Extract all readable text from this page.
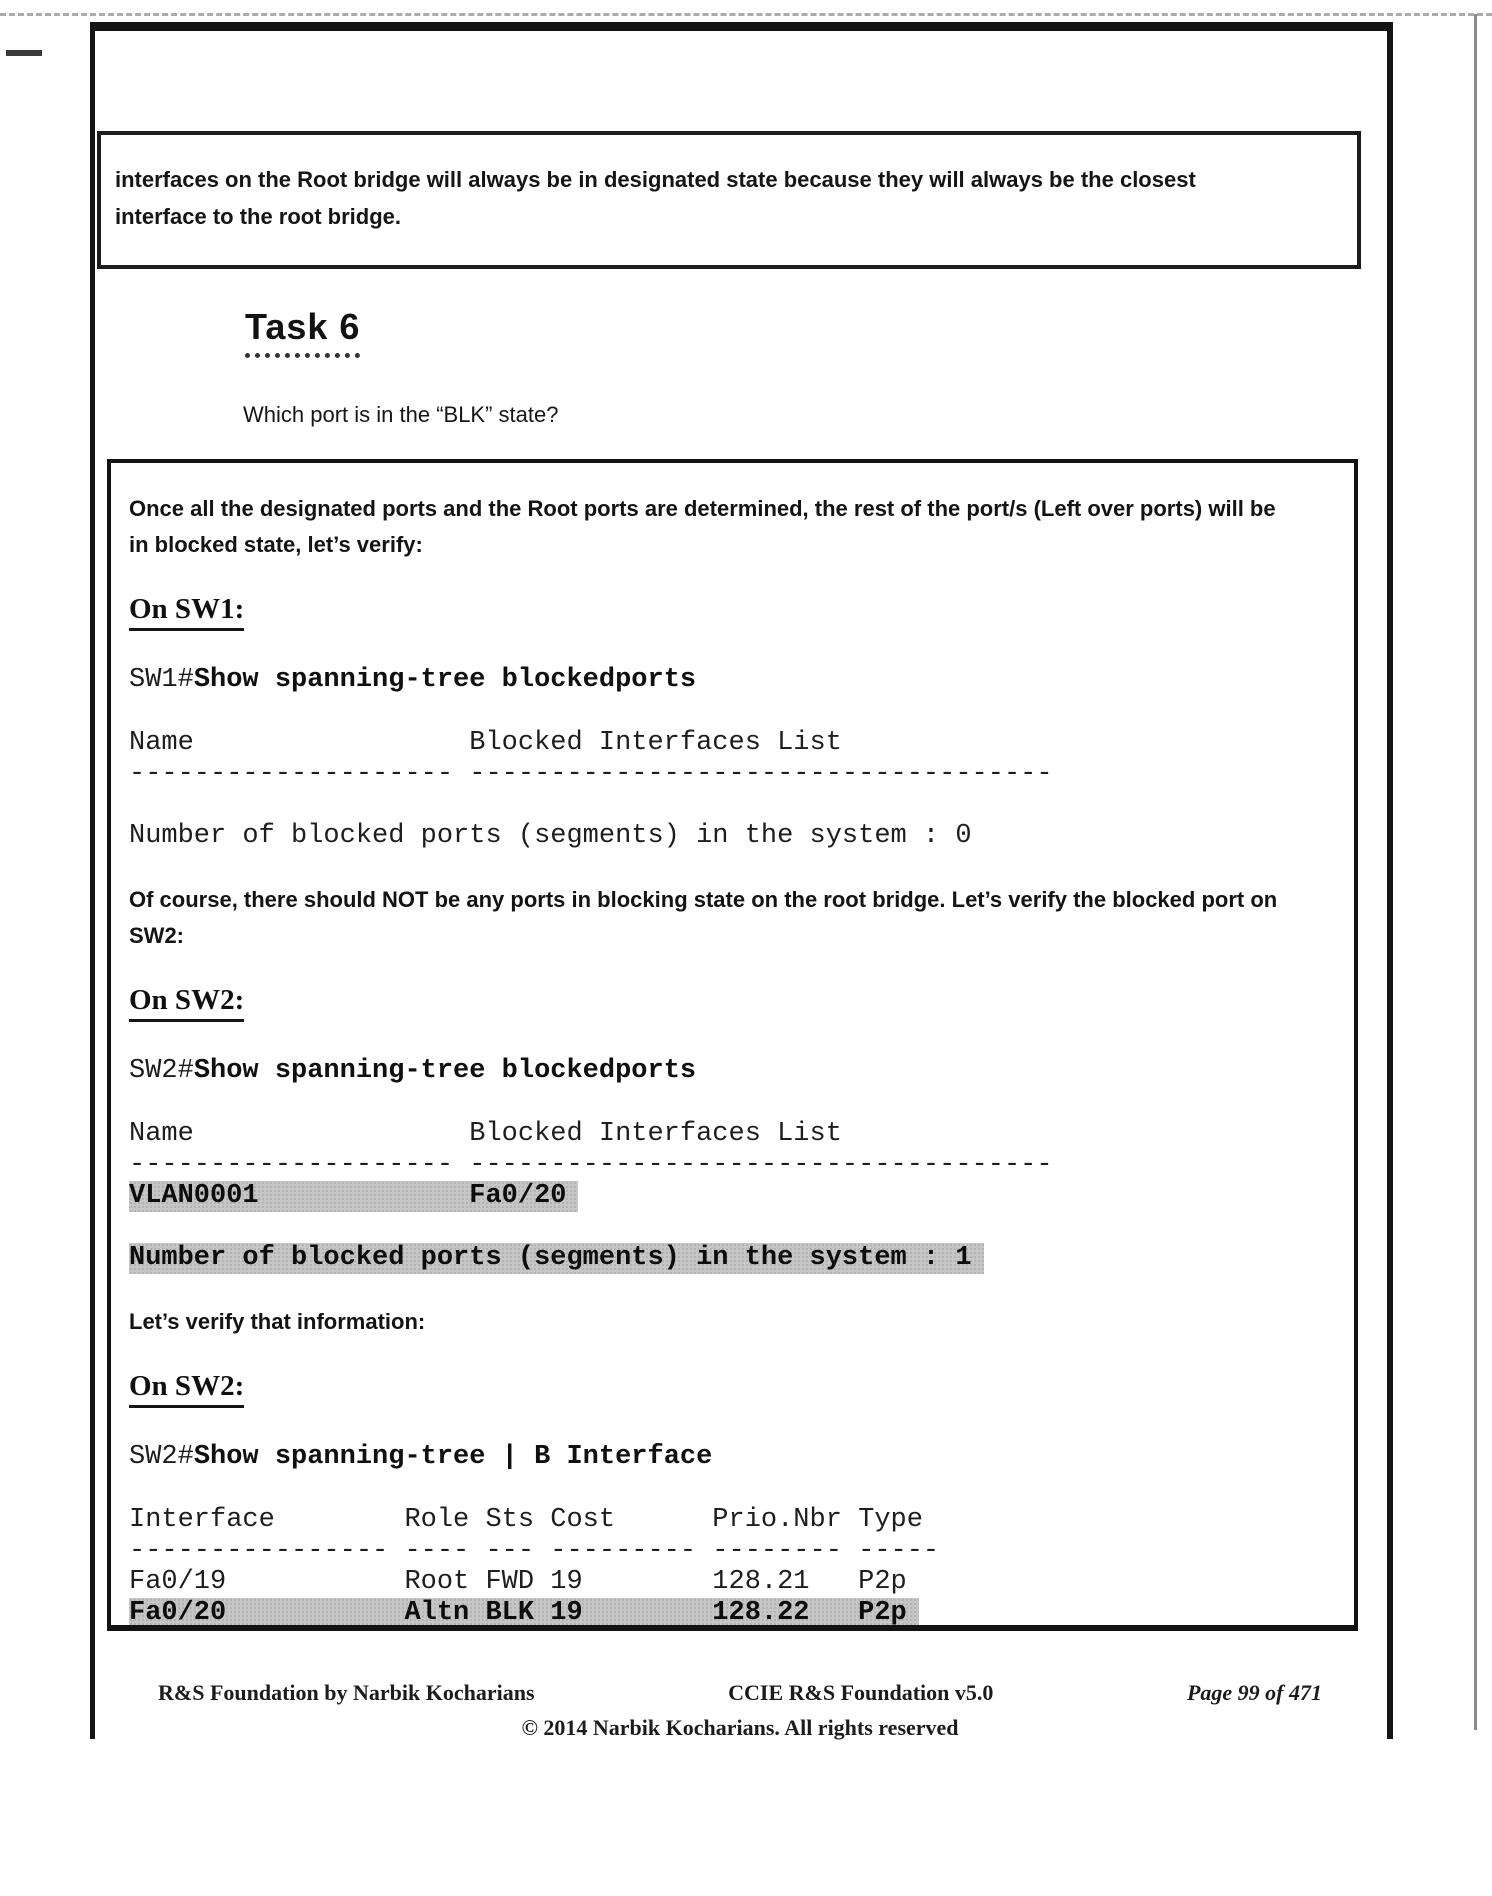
interfaces on the Root bridge will always be in designated state because they will always be the closest interface to the root bridge.

Task 6

Which port is in the “BLK” state?

Once all the designated ports and the Root ports are determined, the rest of the port/s (Left over ports) will be in blocked state, let’s verify:

On SW1:
SW1#Show spanning-tree blockedports
Name                 Blocked Interfaces List
-------------------- ------------------------------------
Number of blocked ports (segments) in the system : 0

Of course, there should NOT be any ports in blocking state on the root bridge. Let’s verify the blocked port on SW2:

On SW2:
SW2#Show spanning-tree blockedports
Name                 Blocked Interfaces List
-------------------- ------------------------------------
VLAN0001             Fa0/20
Number of blocked ports (segments) in the system : 1

Let’s verify that information:

On SW2:
SW2#Show spanning-tree | B Interface
Interface        Role Sts Cost      Prio.Nbr Type
---------------- ---- --- --------- -------- -----
Fa0/19           Root FWD 19        128.21   P2p
Fa0/20           Altn BLK 19        128.22   P2p
R&S Foundation by Narbik Kocharians	CCIE R&S Foundation v5.0	Page 99 of 471
© 2014 Narbik Kocharians. All rights reserved
